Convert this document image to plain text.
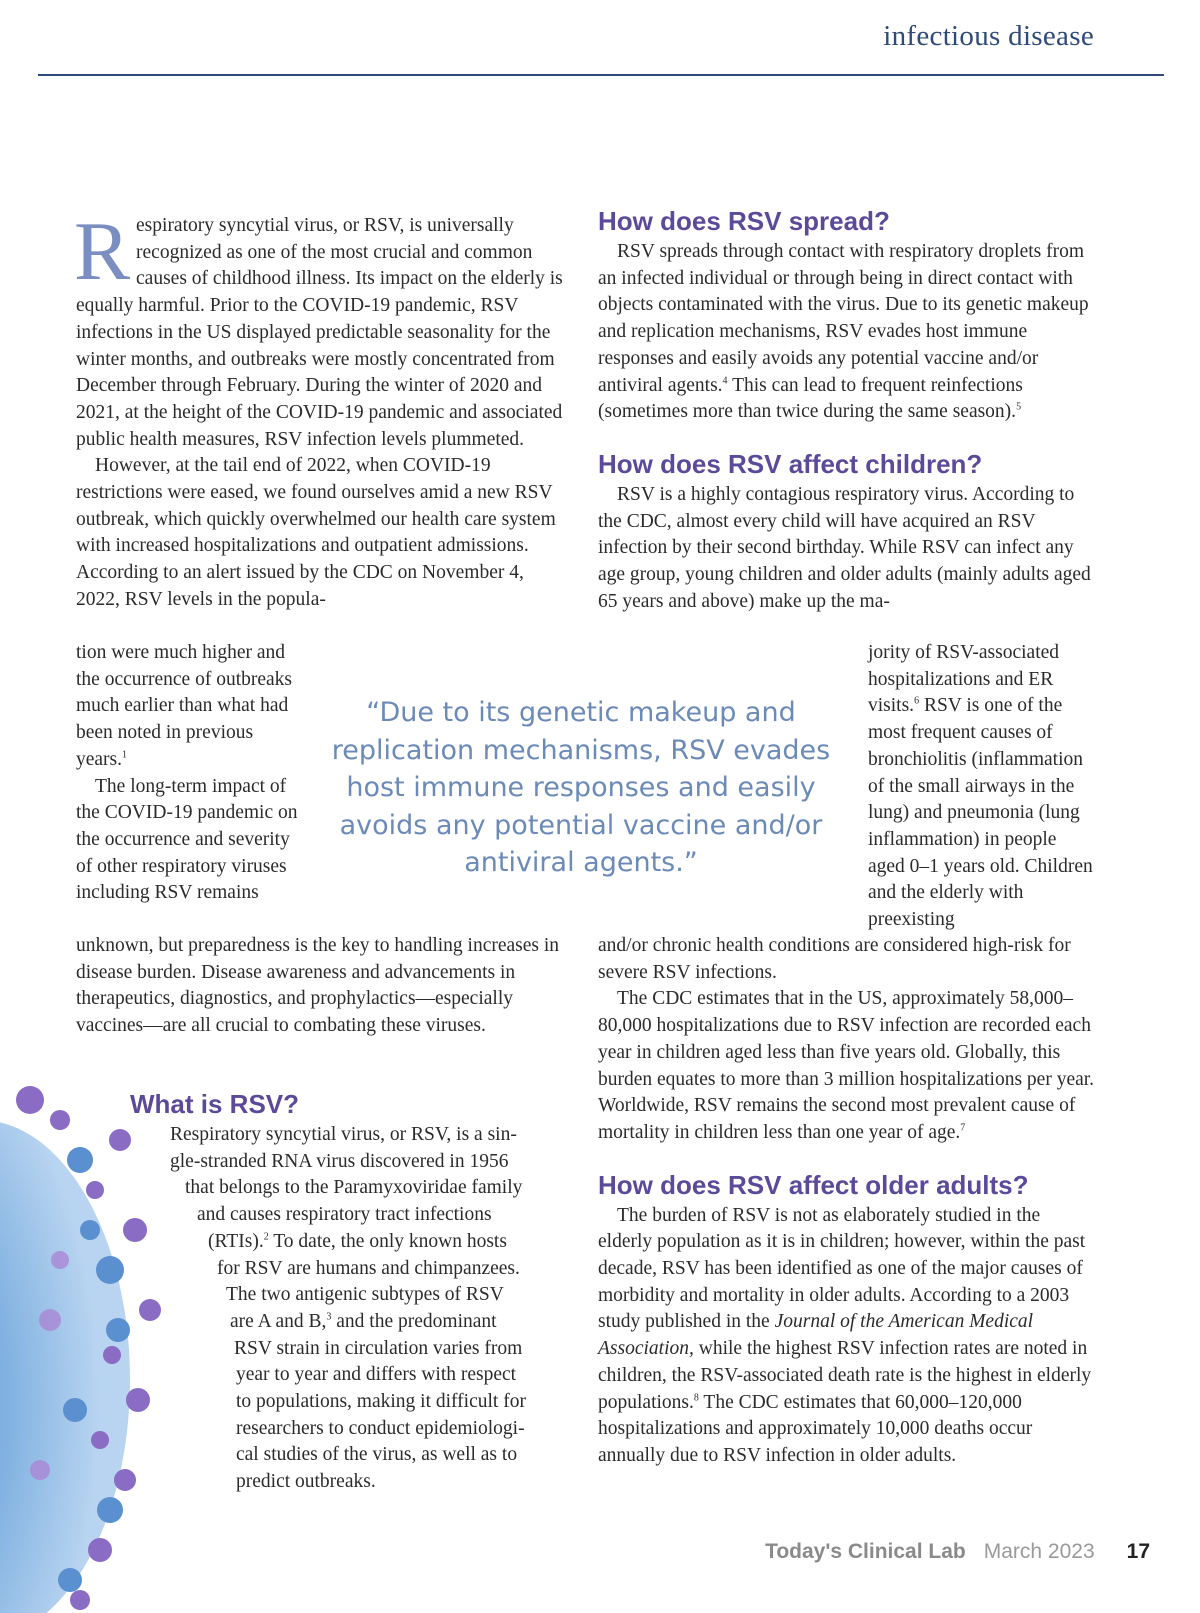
infectious disease

Respiratory syncytial virus, or RSV, is universally recognized as one of the most crucial and common causes of childhood illness. Its impact on the elderly is equally harmful. Prior to the COVID-19 pandemic, RSV infections in the US displayed predictable seasonality for the winter months, and outbreaks were mostly concentrated from December through February. During the winter of 2020 and 2021, at the height of the COVID-19 pandemic and associated public health measures, RSV infection levels plummeted.

However, at the tail end of 2022, when COVID-19 restrictions were eased, we found ourselves amid a new RSV outbreak, which quickly overwhelmed our health care system with increased hospitalizations and outpatient admissions. According to an alert issued by the CDC on November 4, 2022, RSV levels in the popula-

tion were much higher and the occurrence of outbreaks much earlier than what had been noted in previous years.$^1$

The long-term impact of the COVID-19 pandemic on the occurrence and severity of other respiratory viruses including RSV remains

unknown, but preparedness is the key to handling increases in disease burden. Disease awareness and advancements in therapeutics, diagnostics, and prophylactics—especially vaccines—are all crucial to combating these viruses.

What is RSV?
Respiratory syncytial virus, or RSV, is a sin-
gle-stranded RNA virus discovered in 1956
that belongs to the Paramyxoviridae family
and causes respiratory tract infections
(RTIs).$^2$ To date, the only known hosts
for RSV are humans and chimpanzees.
The two antigenic subtypes of RSV
are A and B,$^3$ and the predominant
RSV strain in circulation varies from
year to year and differs with respect
to populations, making it difficult for
researchers to conduct epidemiologi-
cal studies of the virus, as well as to
predict outbreaks.
How does RSV spread?

RSV spreads through contact with respiratory droplets from an infected individual or through being in direct contact with objects contaminated with the virus. Due to its genetic makeup and replication mechanisms, RSV evades host immune responses and easily avoids any potential vaccine and/or antiviral agents.$^4$ This can lead to frequent reinfections (sometimes more than twice during the same season).$^5$

How does RSV affect children?

RSV is a highly contagious respiratory virus. According to the CDC, almost every child will have acquired an RSV infection by their second birthday. While RSV can infect any age group, young children and older adults (mainly adults aged 65 years and above) make up the ma-

jority of RSV-associated hospitalizations and ER visits.$^6$ RSV is one of the most frequent causes of bronchiolitis (inflammation of the small airways in the lung) and pneumonia (lung inflammation) in people aged 0–1 years old. Children and the elderly with preexisting

and/or chronic health conditions are considered high-risk for severe RSV infections.

The CDC estimates that in the US, approximately 58,000–80,000 hospitalizations due to RSV infection are recorded each year in children aged less than five years old. Globally, this burden equates to more than 3 million hospitalizations per year. Worldwide, RSV remains the second most prevalent cause of mortality in children less than one year of age.$^7$

How does RSV affect older adults?

The burden of RSV is not as elaborately studied in the elderly population as it is in children; however, within the past decade, RSV has been identified as one of the major causes of morbidity and mortality in older adults. According to a 2003 study published in the Journal of the American Medical Association, while the highest RSV infection rates are noted in children, the RSV-associated death rate is the highest in elderly populations.$^8$ The CDC estimates that 60,000–120,000 hospitalizations and approximately 10,000 deaths occur annually due to RSV infection in older adults.

“Due to its genetic makeup and replication mechanisms, RSV evades host immune responses and easily avoids any potential vaccine and/or antiviral agents.”
Today's Clinical Lab March 2023 17
